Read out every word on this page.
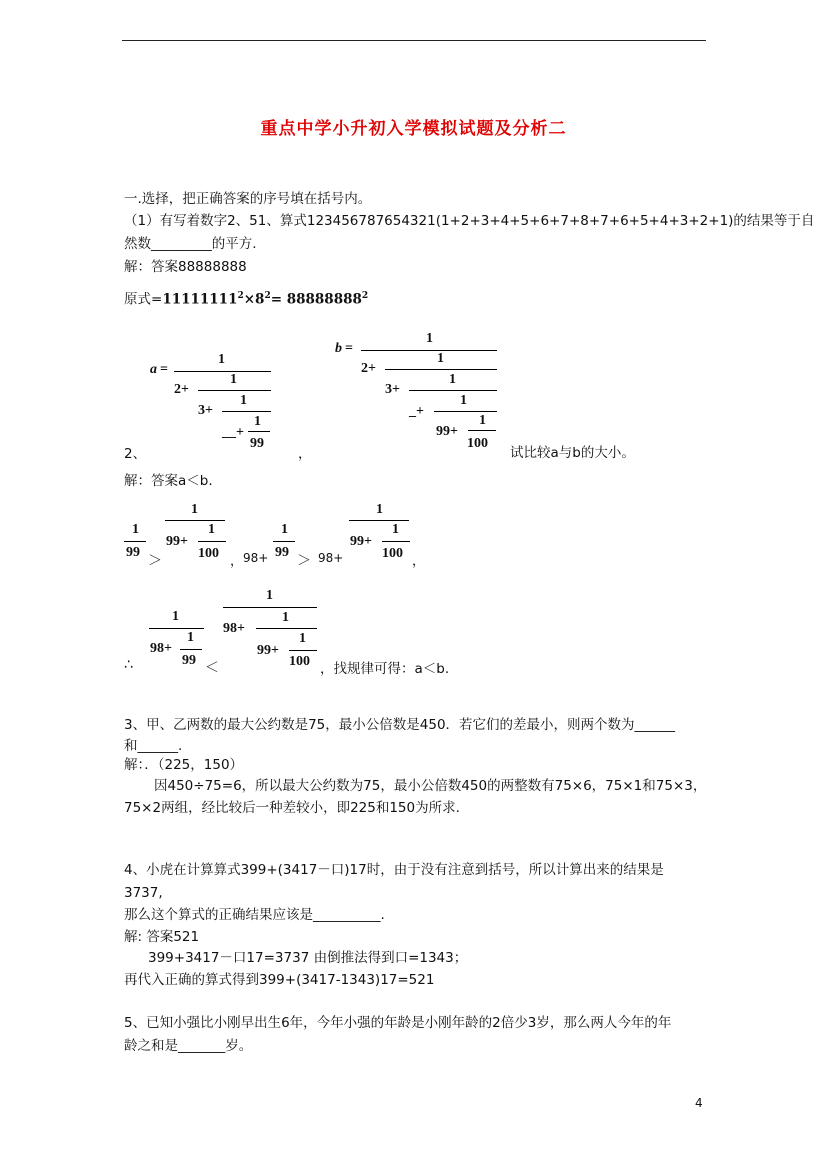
重点中学小升初入学模拟试题及分析二
一.选择，把正确答案的序号填在括号内。
（1）有写着数字2、51、算式123456787654321(1+2+3+4+5+6+7+8+7+6+5+4+3+2+1)的结果等于自
然数_________的平方.
解：答案88888888
原式$=11111111^2\times 8^2= 88888888^2$
a =
1
2+
1
3+
1
__+
1
99
b =
1
2+
1
3+
1
_+
1
99+
1
100
2、	，	试比较a与b的大小。
解：答案a＜b.
1
99
＞
1
99+
1
100
， 98+
1
99
＞ 98+
1
99+
1
100
，
1
98+
1
99
∴	＜
1
98+
1
99+
1
100 ，找规律可得：a＜b.
3、甲、乙两数的最大公约数是75，最小公倍数是450．若它们的差最小，则两个数为______
和______.
解：．（225，150）
因450÷75=6，所以最大公约数为75，最小公倍数450的两整数有75×6，75×1和75×3，
75×2两组，经比较后一种差较小，即225和150为所求.
4、小虎在计算算式399+(3417－口)17时，由于没有注意到括号，所以计算出来的结果是
3737,
那么这个算式的正确结果应该是__________.
解: 答案521
399+3417－口17=3737 由倒推法得到口=1343；
再代入正确的算式得到399+(3417-1343)17=521
5、已知小强比小刚早出生6年，今年小强的年龄是小刚年龄的2倍少3岁，那么两人今年的年
龄之和是_______岁。
4
